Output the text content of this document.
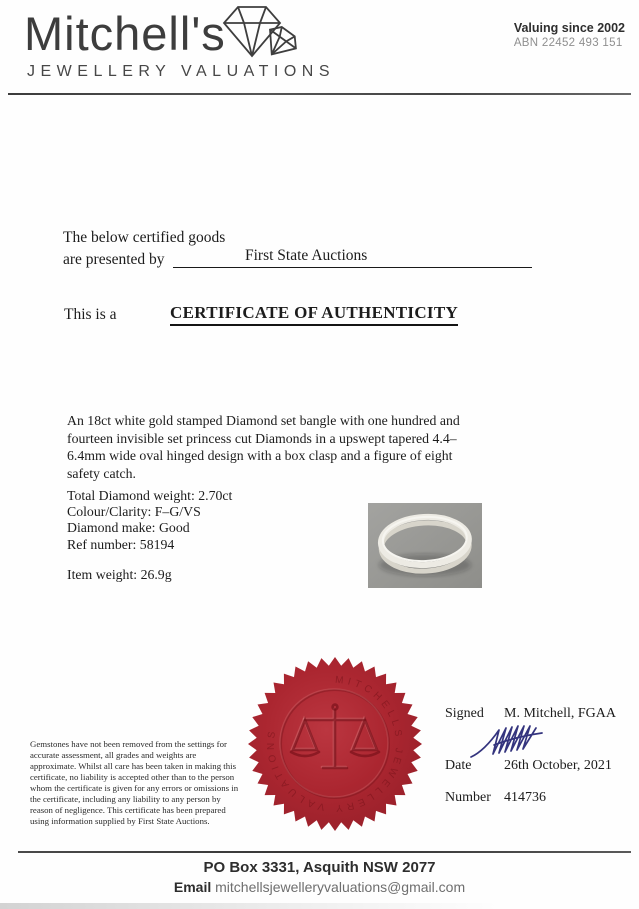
Mitchell's
JEWELLERY VALUATIONS
Valuing since 2002
ABN 22452 493 151
The below certified goods
are presented by	First State Auctions
This is a	CERTIFICATE OF AUTHENTICITY
An 18ct white gold stamped Diamond set bangle with one hundred and fourteen invisible set princess cut Diamonds in a upswept tapered 4.4–6.4mm wide oval hinged design with a box clasp and a figure of eight safety catch.
Total Diamond weight: 2.70ct
Colour/Clarity: F–G/VS
Diamond make: Good
Ref number: 58194
Item weight: 26.9g
MITCHELLS JEWELLERY VALUATIONS
Signed M. Mitchell, FGAA
Date 26th October, 2021
Number 414736
Gemstones have not been removed from the settings for accurate assessment, all grades and weights are approximate. Whilst all care has been taken in making this certificate, no liability is accepted other than to the person whom the certificate is given for any errors or omissions in the certificate, including any liability to any person by reason of negligence. This certificate has been prepared using information supplied by First State Auctions.
PO Box 3331, Asquith NSW 2077
Email mitchellsjewelleryvaluations@gmail.com
